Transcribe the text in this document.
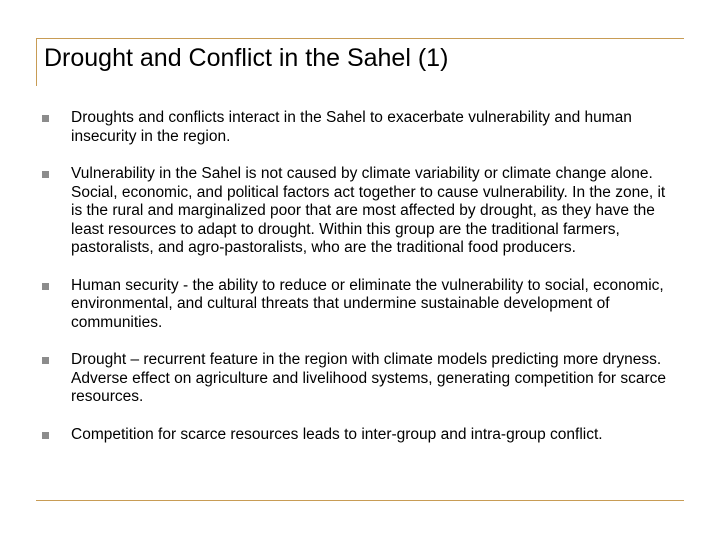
Drought and Conflict in the Sahel (1)
Droughts and conflicts interact in the Sahel to exacerbate vulnerability and human insecurity in the region.
Vulnerability in the Sahel is not caused by climate variability or climate change alone. Social, economic, and political factors act together to cause vulnerability. In the zone, it is the rural and marginalized poor that are most affected by drought, as they have the least resources to adapt to drought. Within this group are the traditional farmers, pastoralists, and agro-pastoralists, who are the traditional food producers.
Human security - the ability to reduce or eliminate the vulnerability to social, economic, environmental, and cultural threats that undermine sustainable development of communities.
Drought – recurrent feature in the region with climate models predicting more dryness. Adverse effect on agriculture and livelihood systems, generating competition for scarce resources.
Competition for scarce resources leads to inter-group and intra-group conflict.
